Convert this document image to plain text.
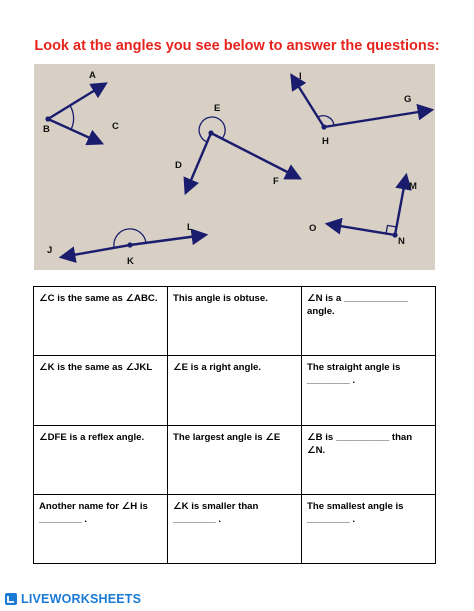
Look at the angles you see below to answer the questions:
A
B	C
D
E
F
G
H
I
J
K
L
M
N
O
∠C is the same as ∠ABC.	This angle is obtuse.	∠N is a ____________ angle.
∠K is the same as ∠JKL	∠E is a right angle.	The straight angle is ________ .
∠DFE is a reflex angle.	The largest angle is ∠E	∠B is __________ than ∠N.
Another name for ∠H is ________ .	∠K is smaller than ________ .	The smallest angle is ________ .
LIVEWORKSHEETS
